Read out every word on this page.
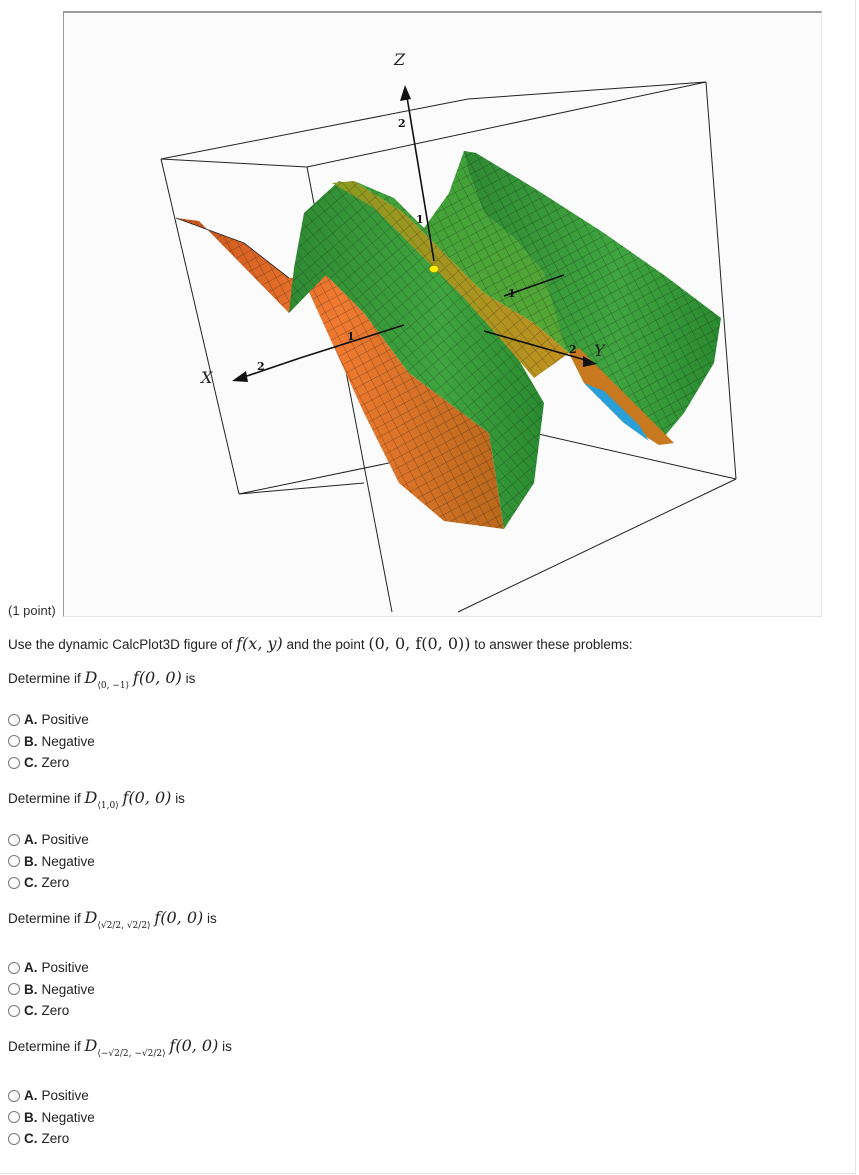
2
1
1
2
1
2
Z
X
Y
(1 point)
Use the dynamic CalcPlot3D figure of f(x, y) and the point (0, 0, f(0, 0)) to answer these problems:
Determine if $D_{⟨0, -1⟩}$ f(0, 0) is
A. Positive
B. Negative
C. Zero
Determine if $D_{⟨1,0⟩}$ f(0, 0) is
A. Positive
B. Negative
C. Zero
Determine if $D_{⟨√2/2, √2/2⟩}$ f(0, 0) is
A. Positive
B. Negative
C. Zero
Determine if $D_{⟨-√2/2, -√2/2⟩}$ f(0, 0) is
A. Positive
B. Negative
C. Zero
